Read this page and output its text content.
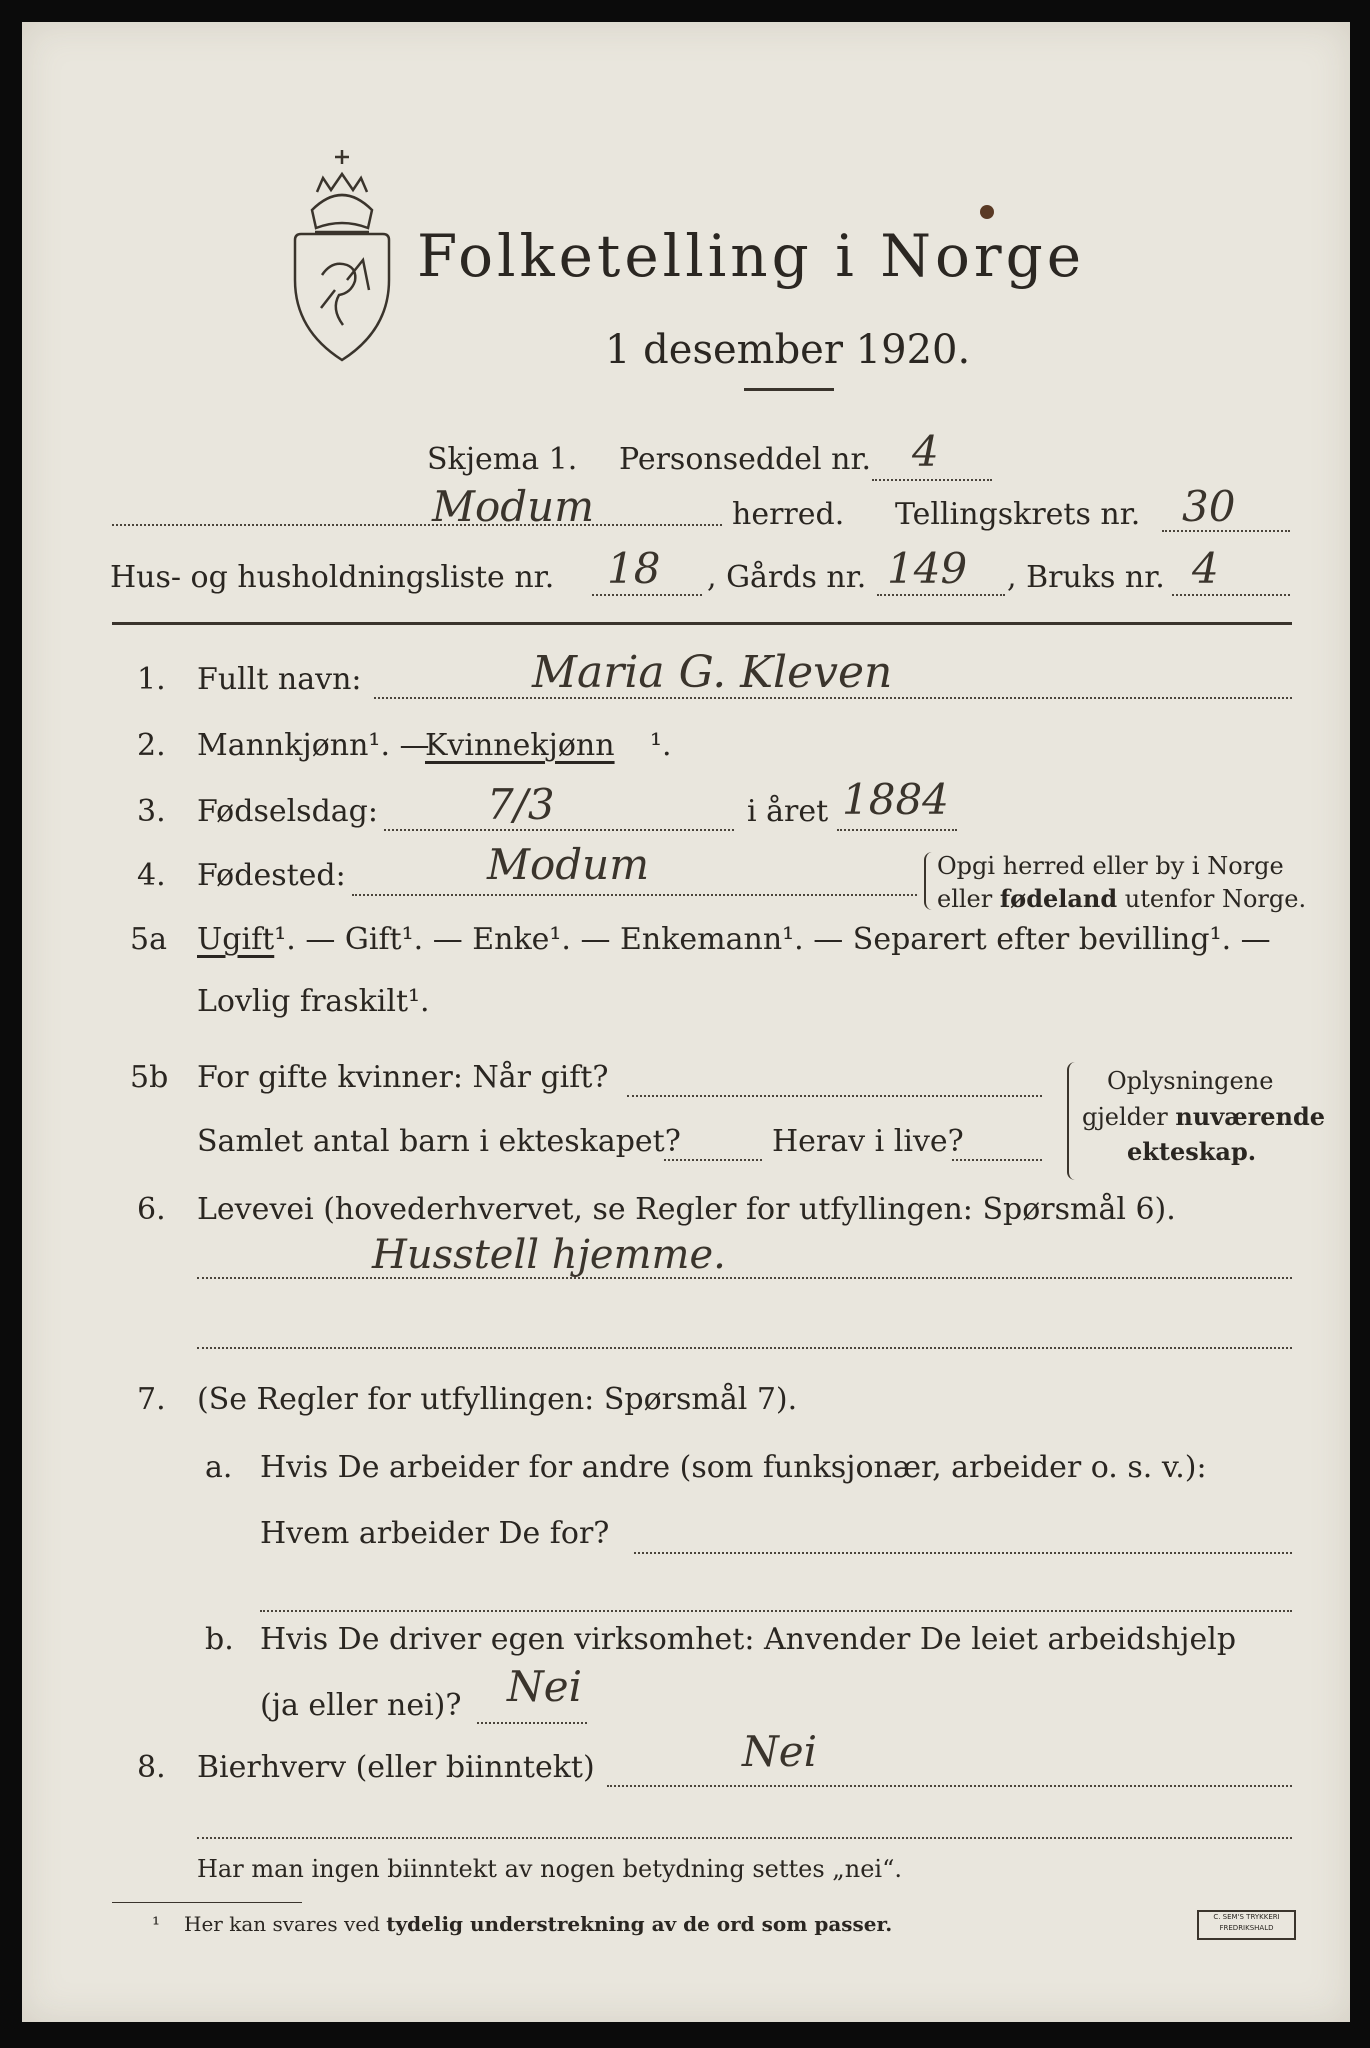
Folketelling i Norge
1 desember 1920.
Skjema 1. Personseddel nr. 4
Modum	herred. Tellingskrets nr. 30
Hus- og husholdningsliste nr. 18 , Gårds nr. 149 , Bruks nr. 4
1. Fullt navn:	Maria G. Kleven
2. Mannkjønn¹. —
Kvinnekjønn ¹.
3. Fødselsdag:	7/3	i året 1884
4. Fødested:	Modum	Opgi herred eller by i Norge
eller fødeland utenfor Norge.
5a Ugift¹. — Gift¹. — Enke¹. — Enkemann¹. — Separert efter bevilling¹. —
Lovlig fraskilt¹.
5b For gifte kvinner: Når gift?
Samlet antal barn i ekteskapet?	Herav i live?
Oplysningene
gjelder nuværende
ekteskap.
6. Levevei (hovederhvervet, se Regler for utfyllingen: Spørsmål 6).
Husstell hjemme.
7. (Se Regler for utfyllingen: Spørsmål 7).
a. Hvis De arbeider for andre (som funksjonær, arbeider o. s. v.):
Hvem arbeider De for?
b. Hvis De driver egen virksomhet: Anvender De leiet arbeidshjelp
(ja eller nei)? Nei
8. Bierhverv (eller biinntekt)	Nei
Har man ingen biinntekt av nogen betydning settes „nei“.
¹ Her kan svares ved tydelig understrekning av de ord som passer.	C. SEM'S TRYKKERI
FREDRIKSHALD
